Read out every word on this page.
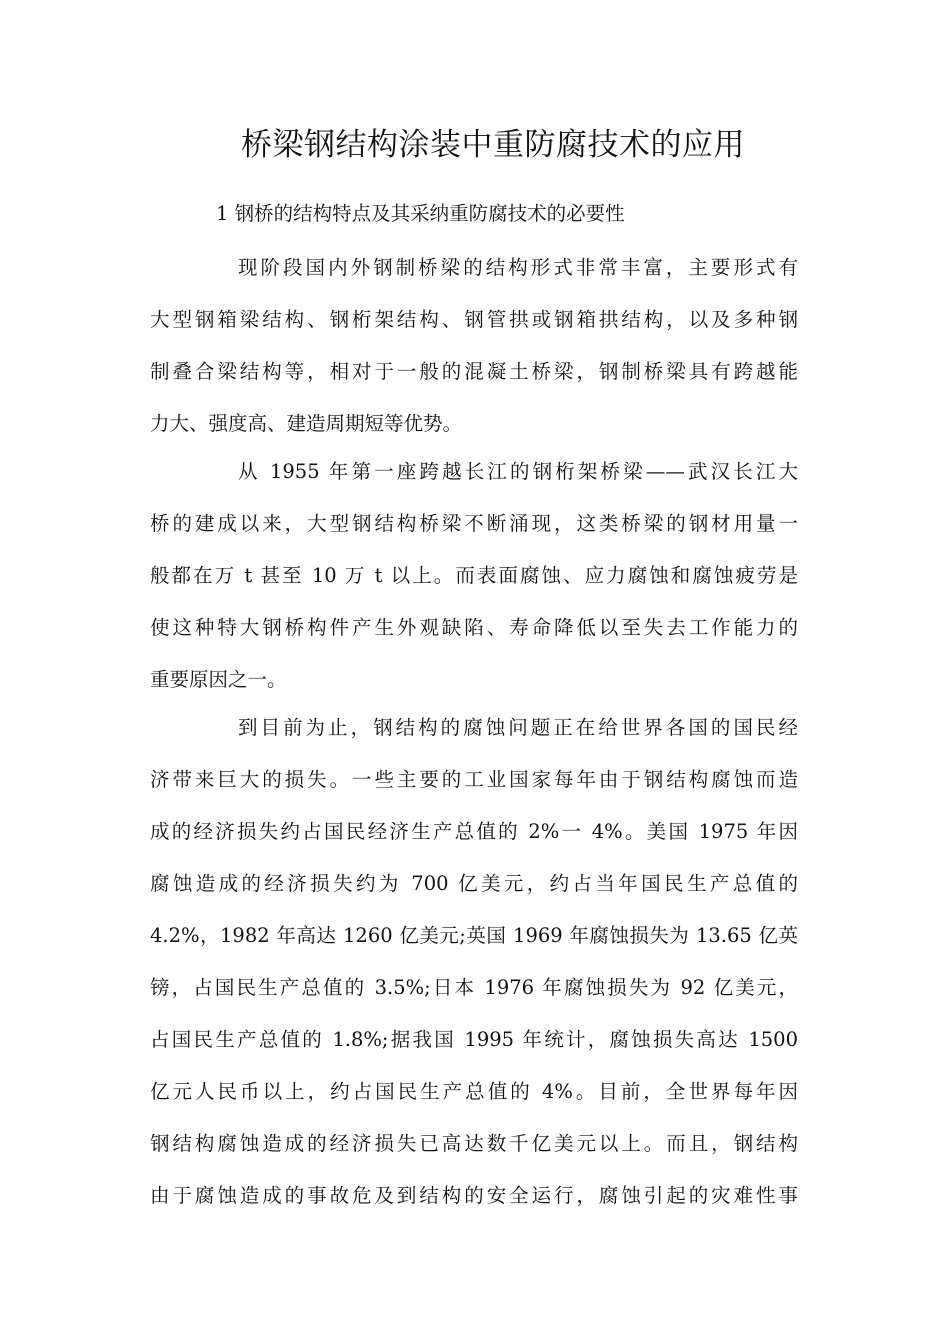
桥梁钢结构涂装中重防腐技术的应用
1 钢桥的结构特点及其采纳重防腐技术的必要性
现阶段国内外钢制桥梁的结构形式非常丰富，主要形式有
大型钢箱梁结构、钢桁架结构、钢管拱或钢箱拱结构，以及多种钢
制叠合梁结构等，相对于一般的混凝土桥梁，钢制桥梁具有跨越能
力大、强度高、建造周期短等优势。
从 1955 年第一座跨越长江的钢桁架桥梁——武汉长江大
桥的建成以来，大型钢结构桥梁不断涌现，这类桥梁的钢材用量一
般都在万 t 甚至 10 万 t 以上。而表面腐蚀、应力腐蚀和腐蚀疲劳是
使这种特大钢桥构件产生外观缺陷、寿命降低以至失去工作能力的
重要原因之一。
到目前为止，钢结构的腐蚀问题正在给世界各国的国民经
济带来巨大的损失。一些主要的工业国家每年由于钢结构腐蚀而造
成的经济损失约占国民经济生产总值的 2%一 4%。美国 1975 年因
腐蚀造成的经济损失约为 700 亿美元，约占当年国民生产总值的
4.2%，1982 年高达 1260 亿美元;英国 1969 年腐蚀损失为 13.65 亿英
镑，占国民生产总值的 3.5%;日本 1976 年腐蚀损失为 92 亿美元，
占国民生产总值的 1.8%;据我国 1995 年统计，腐蚀损失高达 1500
亿元人民币以上，约占国民生产总值的 4%。目前，全世界每年因
钢结构腐蚀造成的经济损失已高达数千亿美元以上。而且，钢结构
由于腐蚀造成的事故危及到结构的安全运行，腐蚀引起的灾难性事
